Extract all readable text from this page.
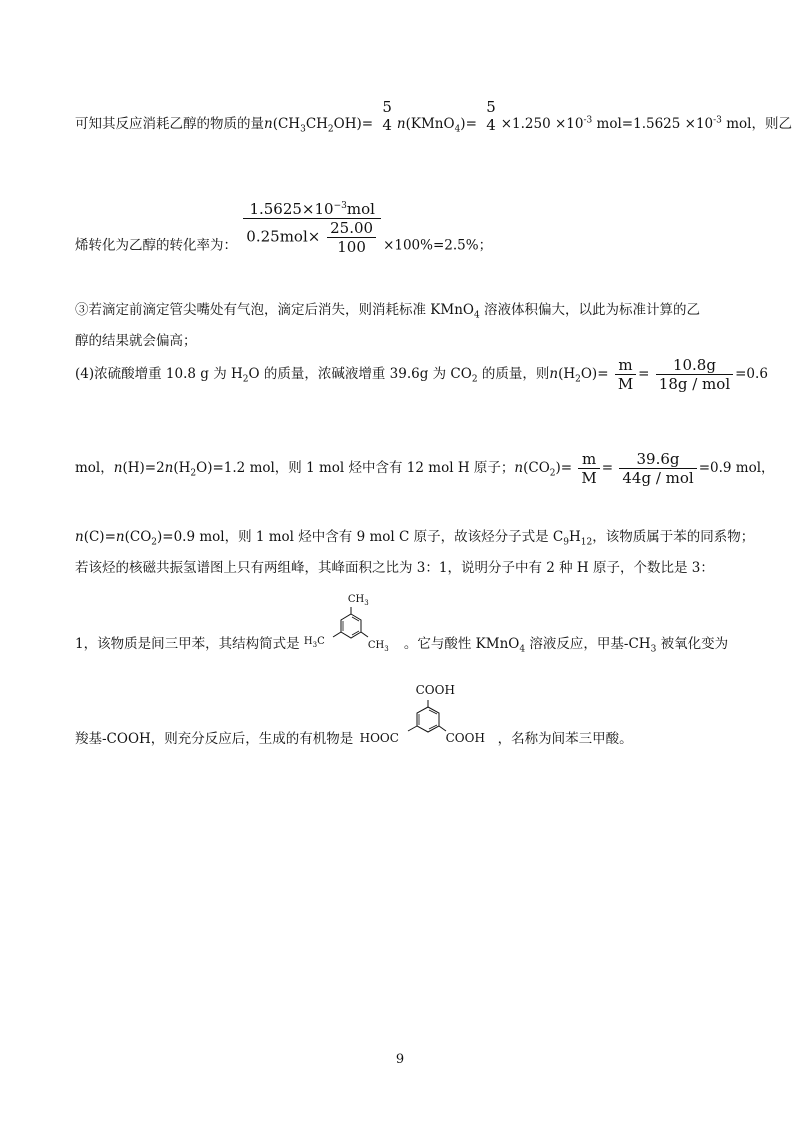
可知其反应消耗乙醇的物质的量$n(CH_3CH_2OH)=$
5
4 n(KMnO$_4$)=
5
$4 \times 1.250 \times 10^{-3}$ $mol=1.5625 \times 10^{-3}$ mol，则乙
烯转化为乙醇的转化率为： $\frac{1.5625\times 10^{-3}mol}{0.25mol\times \frac{25.00}{100}} \times 100\%=2.5\%$；
③若滴定前滴定管尖嘴处有气泡，滴定后消失，则消耗标准 KMnO$_4$ 溶液体积偏大，以此为标准计算的乙
醇的结果就会偏高；
(4)浓硫酸增重 10.8 g 为 $H_2O$ 的质量，浓碱液增重 39.6g 为 $CO_2$ 的质量，则$n(H_2O)= \frac{m}{M} = \frac{10.8g}{\text{18g / mol}} =0.6$
mol，$n(H)=2n(H_2O)=1.2$ mol，则 1 mol 烃中含有 12 mol H 原子；$n(CO_2)= \frac{m}{M} = \frac{39.6g}{\text{44g / mol}} =0.9$ mol，
$n(C)=n(CO_2)=0.9$ mol，则 1 mol 烃中含有 9 mol C 原子，故该烃分子式是 $C_9H_{12}$，该物质属于苯的同系物；
若该烃的核磁共振氢谱图上只有两组峰，其峰面积之比为 3：1，说明分子中有 2 种 H 原子，个数比是 3：
1，该物质是间三甲苯，其结构简式是
$CH_3$
$H_3C$	$CH_3$ 。它与酸性 KMnO$_4$ 溶液反应，甲基$-CH_3$ 被氧化变为
羧基-COOH，则充分反应后，生成的有机物是
COOH
HOOC	COOH ，名称为间苯三甲酸。
9
